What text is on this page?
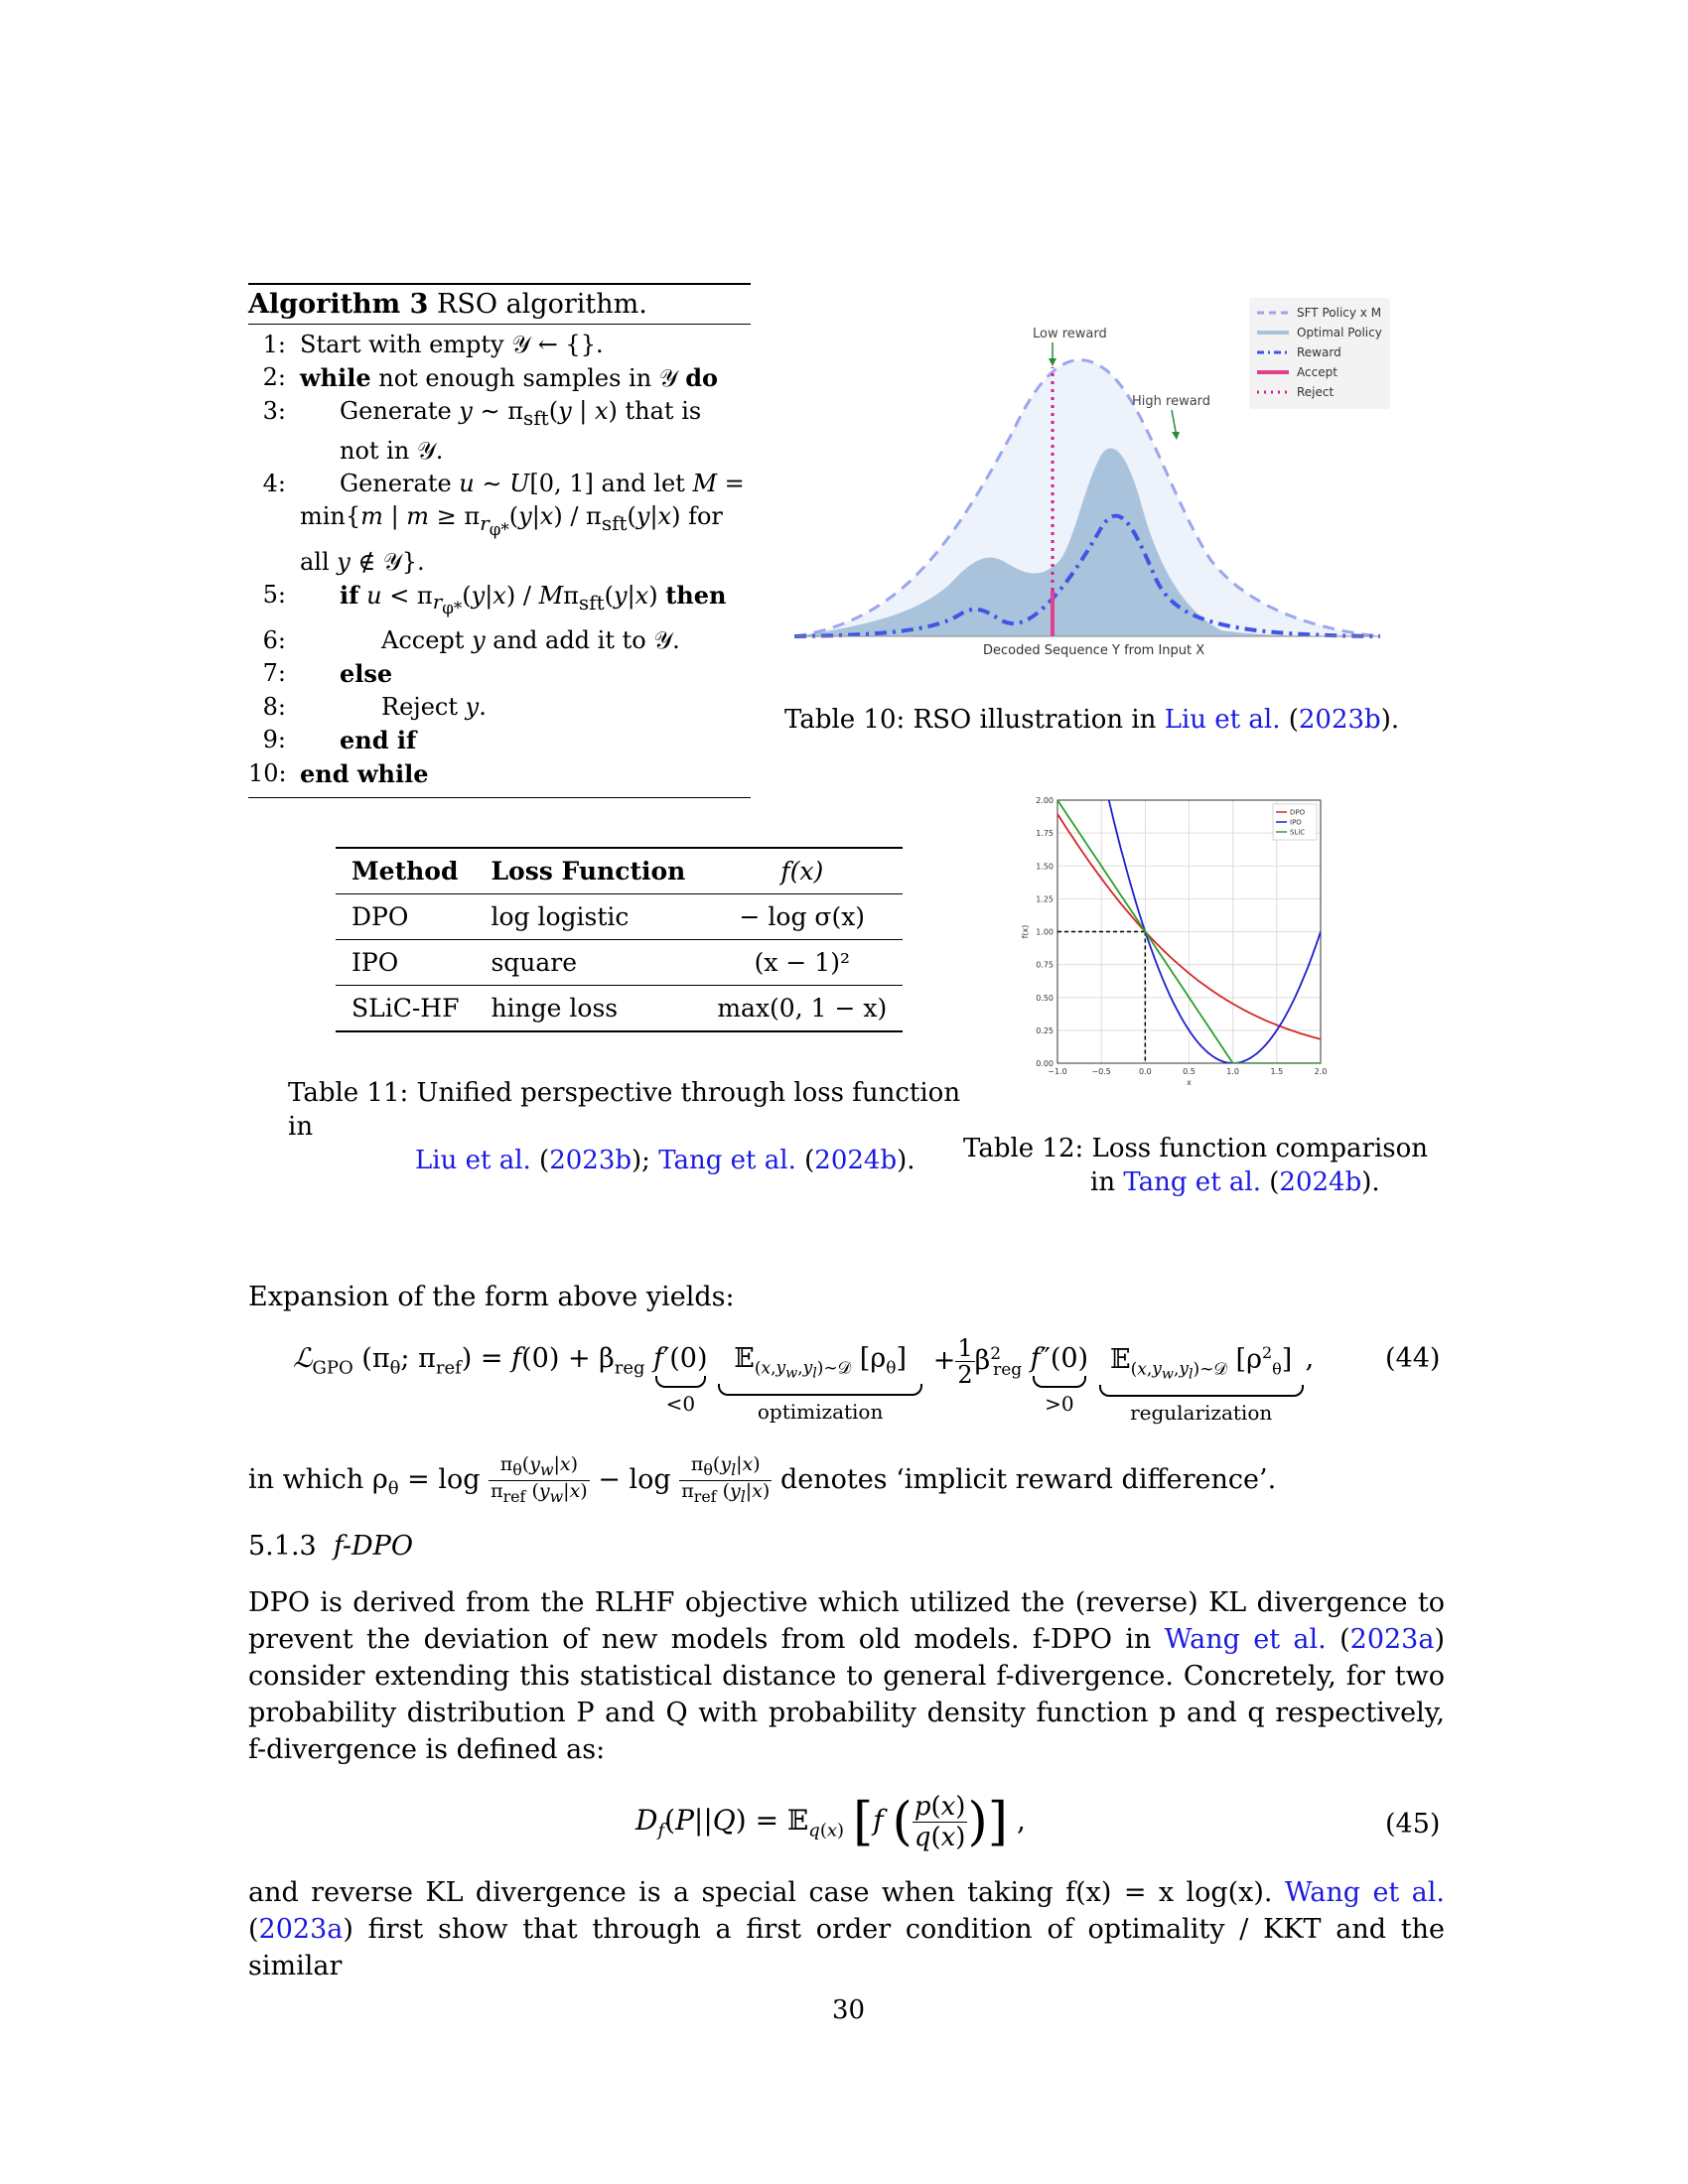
Algorithm 3 RSO algorithm.
1: Start with empty 𝒴 ← {}.
2: while not enough samples in 𝒴 do
3: Generate y ∼ $\pi_{sft}(y$ | x) that is
not in 𝒴.
4: Generate u ∼ U[0, 1] and let M =
min{m | $m \ge \pi_{r_{\varphi*}}(y|x) / \pi_{sft}(y|x)$ for all y ∉ 𝒴}.
5: if $u < \pi_{r_{\varphi*}}(y|x) / M\pi_{sft}(y|x)$ then
6:	Accept y and add it to 𝒴.
7: else
8:	Reject y.
9: end if
10: end while
Low reward
High reward
Decoded Sequence Y from Input X
SFT Policy x M
Optimal Policy
Reward
Accept
Reject
Table 10: RSO illustration in Liu et al. (2023b).
Method	Loss Function	f(x)
DPO	log logistic	− log σ(x)
IPO	square	(x − 1)²
SLiC-HF	hinge loss	max(0, 1 − x)
Table 11: Unified perspective through loss function in
Liu et al. (2023b); Tang et al. (2024b).
−1.0	−0.5	0.0	0.5	1.0	1.5	2.0
0.00
0.25
0.50
0.75
1.00
1.25
1.50
1.75
2.00
x
f(x)
DPO
IPO
SLiC
Table 12: Loss function comparison
in Tang et al. (2024b).
Expansion of the form above yields:
ℒ$_{GPO}$ ($\pi_\theta$; $\pi_{ref}) = f(0) + \beta_{reg}$ f′(0)
<0

𝔼$_{(x,y_w,y_l)\sim 𝒟}$ $[\rho_\theta]$
optimization
+ $\frac{1}{2} \beta^2_{reg}$ f″(0)
>0

𝔼$_{(x,y_w,y_l)\sim 𝒟}$ $[\rho^2_\theta]$
regularization
,	(44)
in which $\rho_\theta = \log \frac{\pi_\theta(y_w|x)}{\pi_{ref} (y_w|x)} - \log \frac{\pi_\theta(y_l|x)}{\pi_{ref} (y_l|x)}$ denotes ‘implicit reward difference’.
5.1.3 f-DPO
DPO is derived from the RLHF objective which utilized the (reverse) KL divergence to prevent the deviation of new models from old models. f-DPO in Wang et al. (2023a) consider extending this statistical distance to general f-divergence. Concretely, for two probability distribution P and Q with probability density function p and q respectively, f-divergence is defined as:
$D_f(P||Q)$ = 𝔼$_{q(x)}$ [f ( $\frac{p(x)}{q(x)}$ )] ,	(45)
and reverse KL divergence is a special case when taking f(x) = x log(x). Wang et al. (2023a) first show that through a first order condition of optimality / KKT and the similar
30
